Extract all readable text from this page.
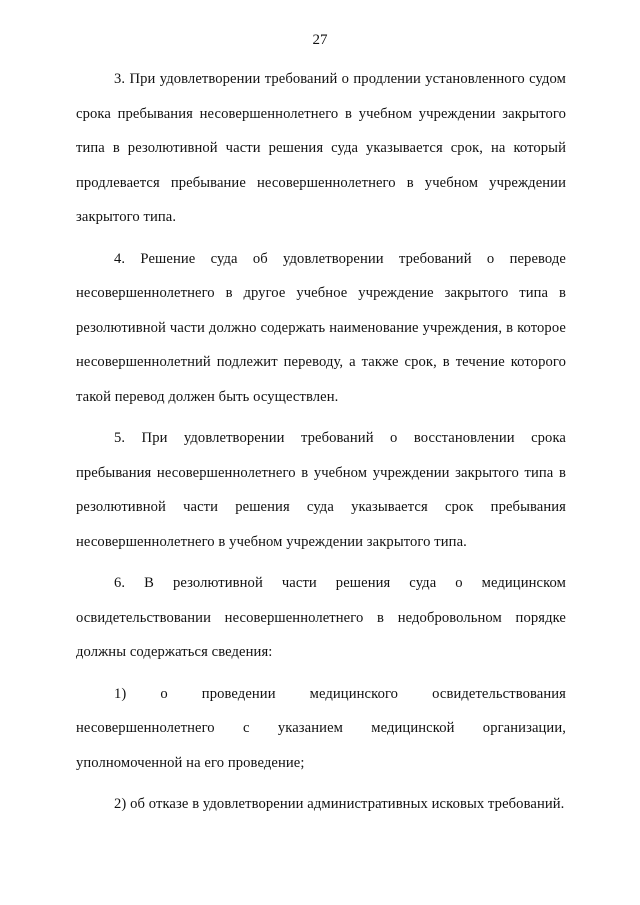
27

3. При удовлетворении требований о продлении установленного судом срока пребывания несовершеннолетнего в учебном учреждении закрытого типа в резолютивной части решения суда указывается срок, на который продлевается пребывание несовершеннолетнего в учебном учреждении закрытого типа.

4. Решение суда об удовлетворении требований о переводе несовершеннолетнего в другое учебное учреждение закрытого типа в резолютивной части должно содержать наименование учреждения, в которое несовершеннолетний подлежит переводу, а также срок, в течение которого такой перевод должен быть осуществлен.

5. При удовлетворении требований о восстановлении срока пребывания несовершеннолетнего в учебном учреждении закрытого типа в резолютивной части решения суда указывается срок пребывания несовершеннолетнего в учебном учреждении закрытого типа.

6. В резолютивной части решения суда о медицинском освидетельствовании несовершеннолетнего в недобровольном порядке должны содержаться сведения:

1) о проведении медицинского освидетельствования несовершеннолетнего с указанием медицинской организации, уполномоченной на его проведение;

2) об отказе в удовлетворении административных исковых требований.
